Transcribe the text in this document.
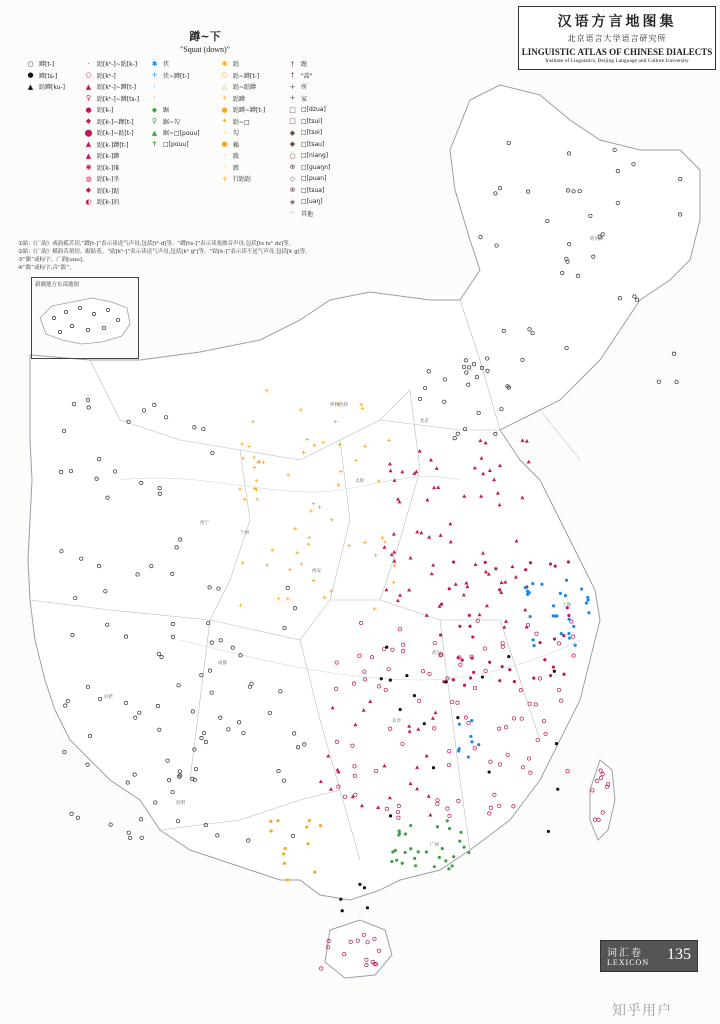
蹲~下
"Squat (down)"
汉语方言地图集
北京语言大学语言研究所
LINGUISTIC ATLAS OF CHINESE DIALECTS
Institute of Linguistics, Beijing Language and Culture University
○ 蹲[t-]
● 蹲[ts-]
▲ 跍蹲[ku-]
·	跍[kʰ-]~跍[k-]
○ 跍[kʰ-]
▲ 跍[kʰ-]~蹲[t-]
♀ 跍[kʰ-]~蹲[ts-]
● 跍[k-]
◆ 跍[k-]~蹲[t-]
⬤ 跍[k-]~跍[t-]
▲ 跍[k-]蹲[t-]
▲ 跍[k-]蹲
◉ 跍[k-]堆
◍ 跍[k-]坐
◆ 跍[k-]跍
◐ 跍[k-]的
✱ 伏
+ 伏~蹲[t-]
·
·
◆ 踞
♀ 踞~勾
▲ 踞~□[pɑuu]
✝ □[pɑuu]
✱ 跍
○ 跍~蹲[t-]
△ 跍~跍蹲
+ 跍蹲
● 跍蹲~蹲[t-]
✦ 跍~□
·	勾
● 賴
·	跋
·	跙
+ 行跍跍
†	跽
†	"蒿"
+ 所
+ 家
□ □[dzua]
□ □[tsui]
◆ □[tsoi]
◆ □[tsau]
○ □[niang]
⊕ □[guaŋn]
◇ □[puan]
⊕ □[tsua]
◈ □[uaŋ]
·	其他
①跍:《广韵》戏韵孤苦切,“蹲[t-]”表示读送气声母,包括[tʰ-d]等。“蹲[ts-]”表示读塞擦音声母,包括[ts tsʰ dz]等。
②跍:《广韵》模韵苦胡切。踞跍苑。“跍[kʰ-]”表示读送气声母,包括[kʰ gʰ]等。“跍[k-]”表示读不送气声母,包括[k g]等。
③“踞”或标字。广韵[uuu]。
④“跋”或标字,音“跋”。
新疆地方东部地图
呼和浩特
北京
太原
西安
兰州
西宁
成都
昆明
拉萨
武汉
长沙
广州
上海
哈尔滨
词汇卷
LEXICON 135
知乎用户
